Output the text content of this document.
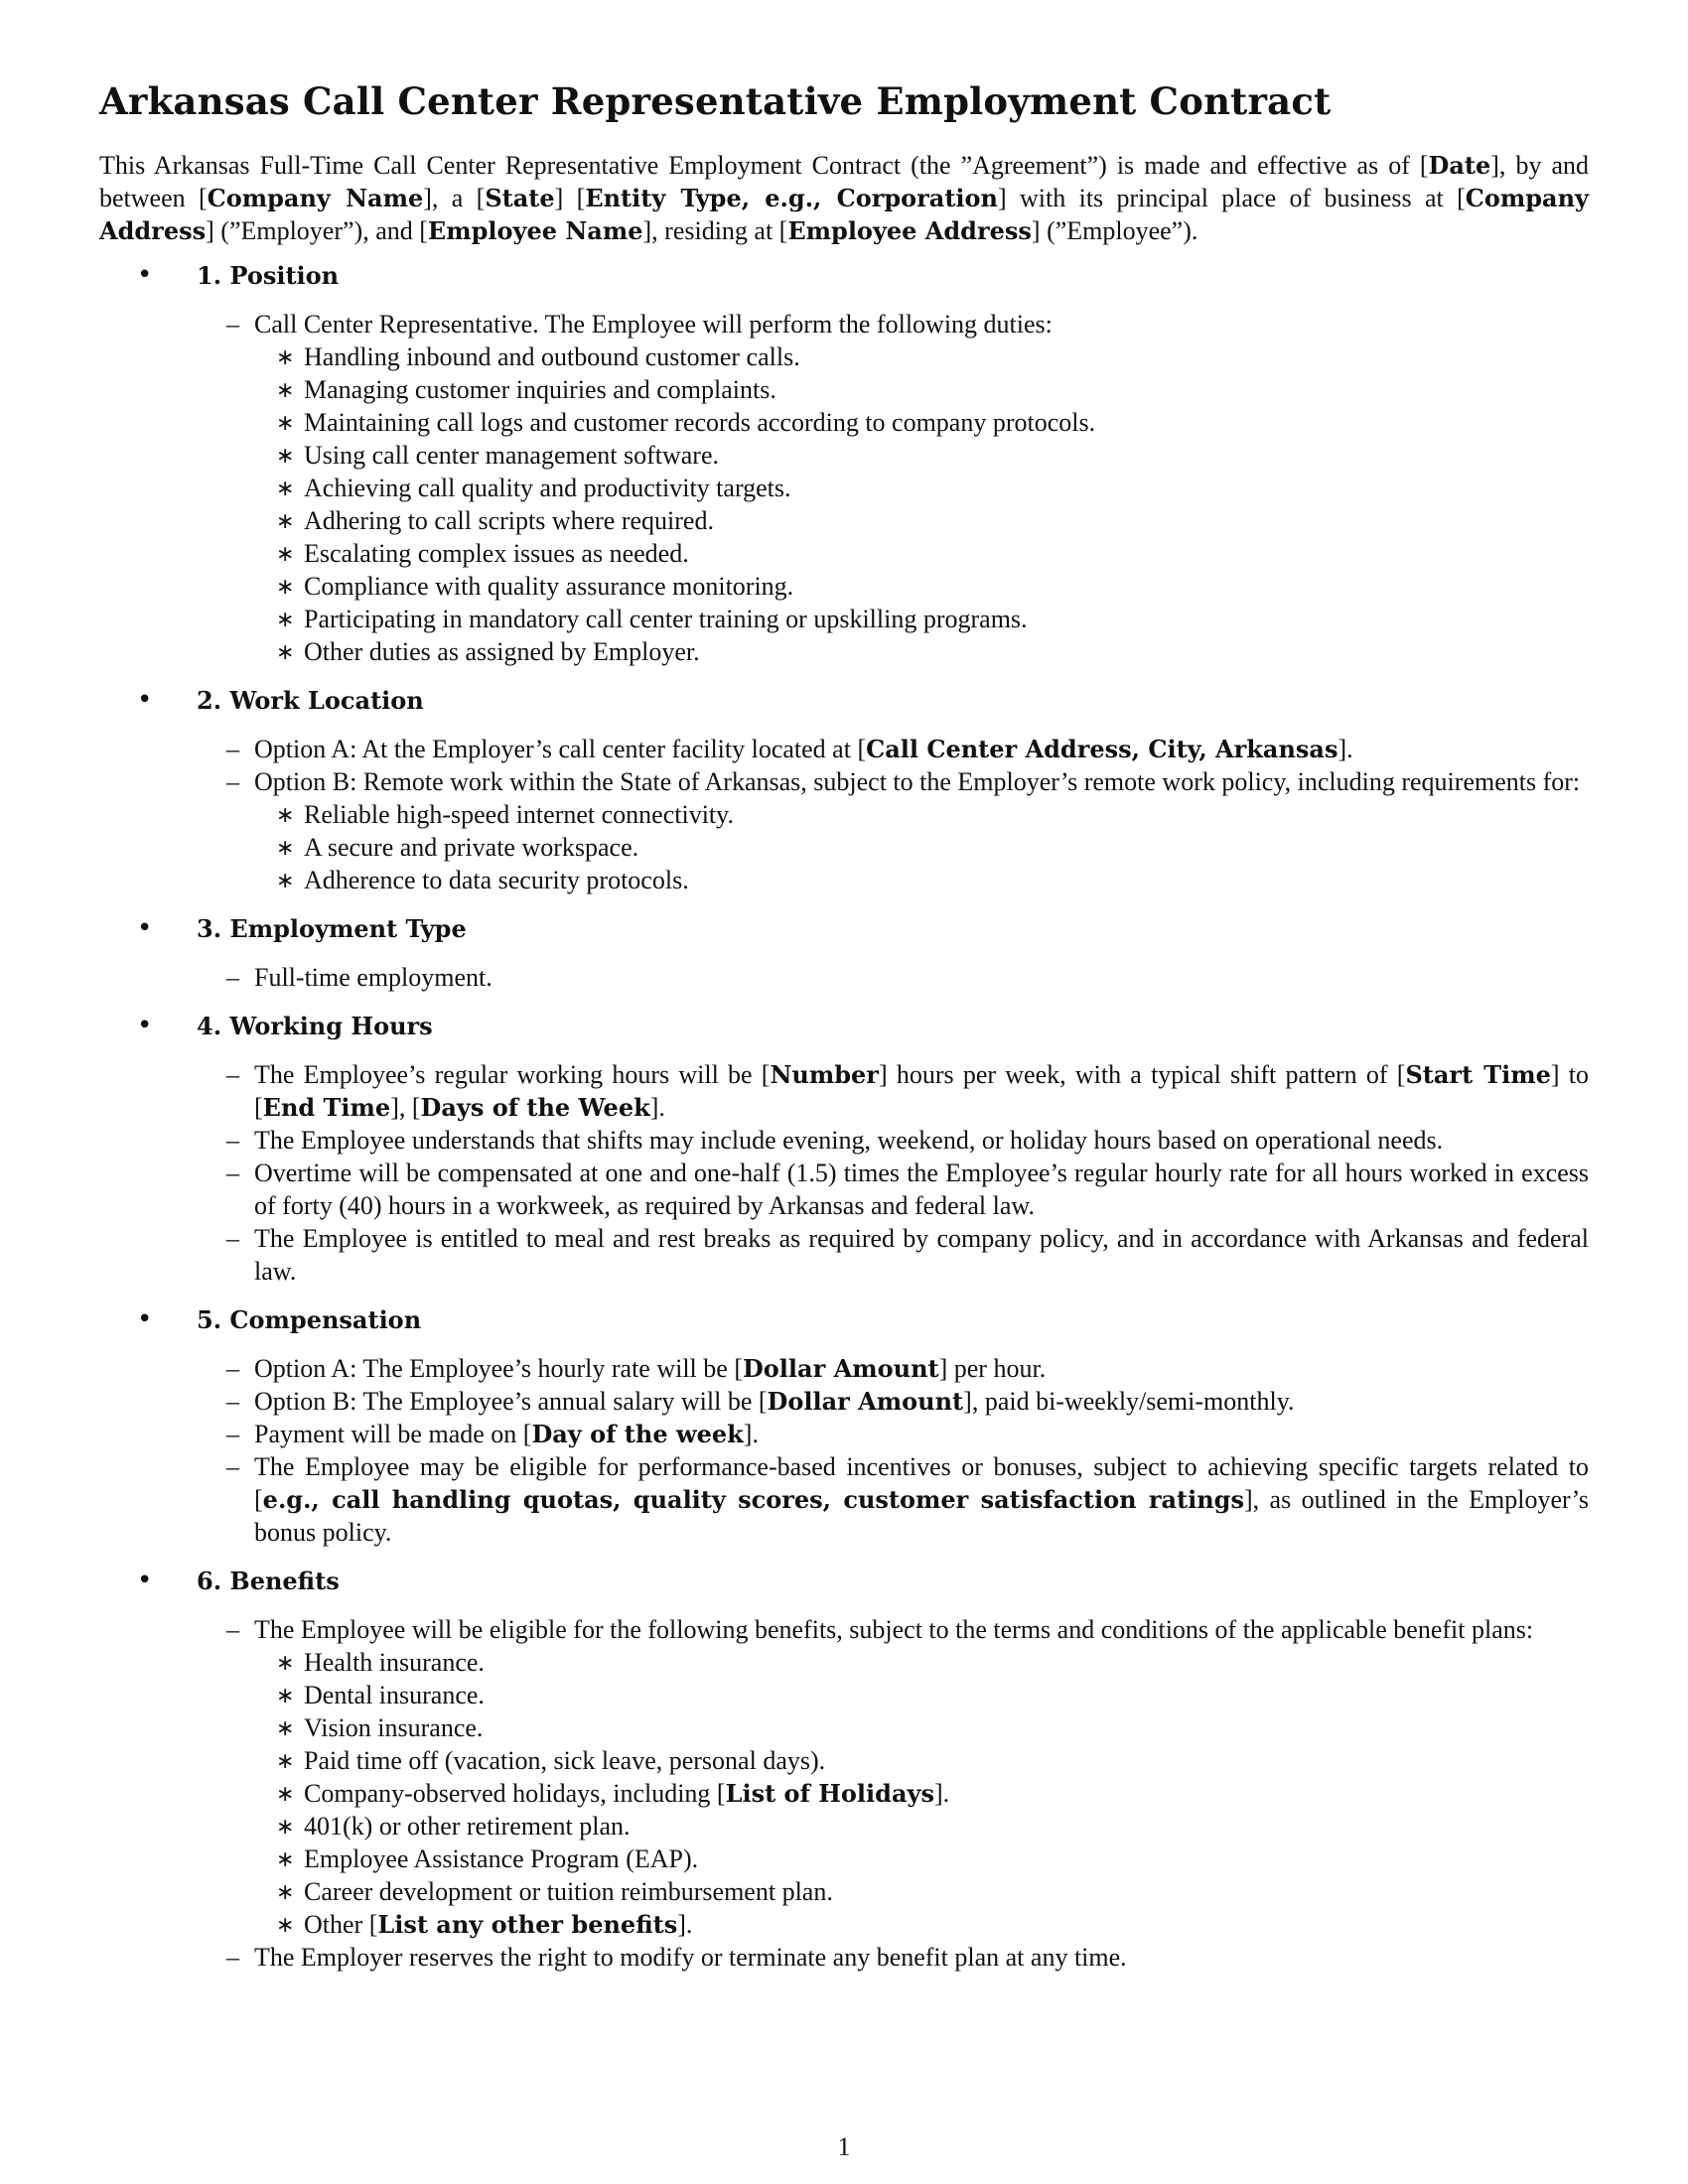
Arkansas Call Center Representative Employment Contract

This Arkansas Full-Time Call Center Representative Employment Contract (the ”Agreement”) is made and effective as of [Date], by and between [Company Name], a [State] [Entity Type, e.g., Corporation] with its principal place of business at [Company Address] (”Employer”), and [Employee Name], residing at [Employee Address] (”Employee”).

• 1. Position
– Call Center Representative. The Employee will perform the following duties:
∗ Handling inbound and outbound customer calls.
∗ Managing customer inquiries and complaints.
∗ Maintaining call logs and customer records according to company protocols.
∗ Using call center management software.
∗ Achieving call quality and productivity targets.
∗ Adhering to call scripts where required.
∗ Escalating complex issues as needed.
∗ Compliance with quality assurance monitoring.
∗ Participating in mandatory call center training or upskilling programs.
∗ Other duties as assigned by Employer.
• 2. Work Location
– Option A: At the Employer’s call center facility located at [Call Center Address, City, Arkansas].
– Option B: Remote work within the State of Arkansas, subject to the Employer’s remote work policy, including requirements for:
∗ Reliable high-speed internet connectivity.
∗ A secure and private workspace.
∗ Adherence to data security protocols.
• 3. Employment Type
– Full-time employment.
• 4. Working Hours
– The Employee’s regular working hours will be [Number] hours per week, with a typical shift pattern of [Start Time] to [End Time], [Days of the Week].
– The Employee understands that shifts may include evening, weekend, or holiday hours based on operational needs.
– Overtime will be compensated at one and one-half (1.5) times the Employee’s regular hourly rate for all hours worked in excess of forty (40) hours in a workweek, as required by Arkansas and federal law.
– The Employee is entitled to meal and rest breaks as required by company policy, and in accordance with Arkansas and federal law.
• 5. Compensation
– Option A: The Employee’s hourly rate will be [Dollar Amount] per hour.
– Option B: The Employee’s annual salary will be [Dollar Amount], paid bi-weekly/semi-monthly.
– Payment will be made on [Day of the week].
– The Employee may be eligible for performance-based incentives or bonuses, subject to achieving specific targets related to [e.g., call handling quotas, quality scores, customer satisfaction ratings], as outlined in the Employer’s bonus policy.
• 6. Benefits
– The Employee will be eligible for the following benefits, subject to the terms and conditions of the applicable benefit plans:
∗ Health insurance.
∗ Dental insurance.
∗ Vision insurance.
∗ Paid time off (vacation, sick leave, personal days).
∗ Company-observed holidays, including [List of Holidays].
∗ 401(k) or other retirement plan.
∗ Employee Assistance Program (EAP).
∗ Career development or tuition reimbursement plan.
∗ Other [List any other benefits].
– The Employer reserves the right to modify or terminate any benefit plan at any time.
1
